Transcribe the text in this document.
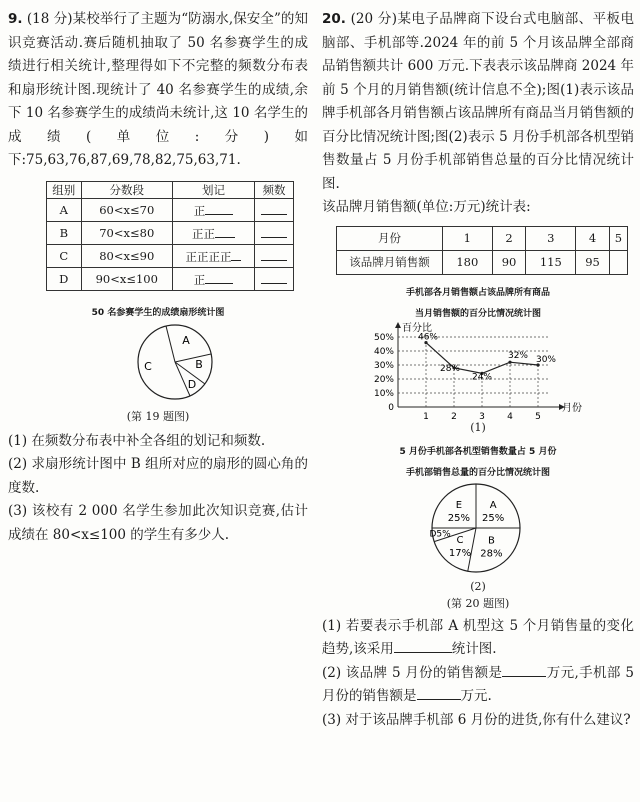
9. (18 分)某校举行了主题为“防溺水,保安全”的知识竞赛活动.赛后随机抽取了 50 名参赛学生的成绩进行相关统计,整理得如下不完整的频数分布表和扇形统计图.现统计了 40 名参赛学生的成绩,余下 10 名参赛学生的成绩尚未统计,这 10 名学生的成绩(单位:分)如下:75,63,76,87,69,78,82,75,63,71.

组别	分数段	划记	频数
A	60<x≤70	正	
B	70<x≤80	正正	
C	80<x≤90	正正正正	
D	90<x≤100	正	
50 名参赛学生的成绩扇形统计图
A
C
D
B
(第 19 题图)

(1) 在频数分布表中补全各组的划记和频数.

(2) 求扇形统计图中 B 组所对应的扇形的圆心角的度数.

(3) 该校有 2 000 名学生参加此次知识竞赛,估计成绩在 80<x≤100 的学生有多少人.

20. (20 分)某电子品牌商下设台式电脑部、平板电脑部、手机部等.2024 年的前 5 个月该品牌全部商品销售额共计 600 万元.下表表示该品牌商 2024 年前 5 个月的月销售额(统计信息不全);图(1)表示该品牌手机部各月销售额占该品牌所有商品当月销售额的百分比情况统计图;图(2)表示 5 月份手机部各机型销售数量占 5 月份手机部销售总量的百分比情况统计图.

该品牌月销售额(单位:万元)统计表:

月份	1	2	3	4	5
该品牌月销售额	180	90	115	95	
手机部各月销售额占该品牌所有商品
当月销售额的百分比情况统计图
百分比
月份
0
10%
20%
30%
40%
50%
1 2 3 4 5
46%
28%
24%
32% 30%
(1)
5 月份手机部各机型销售数量占 5 月份
手机部销售总量的百分比情况统计图
A
25%
B
28%
C
17%
D5%
E
25%
(2)
(第 20 题图)

(1) 若要表示手机部 A 机型这 5 个月销售量的变化趋势,该采用	统计图.

(2) 该品牌 5 月份的销售额是	万元,手机部 5 月份的销售额是	万元.

(3) 对于该品牌手机部 6 月份的进货,你有什么建议?
